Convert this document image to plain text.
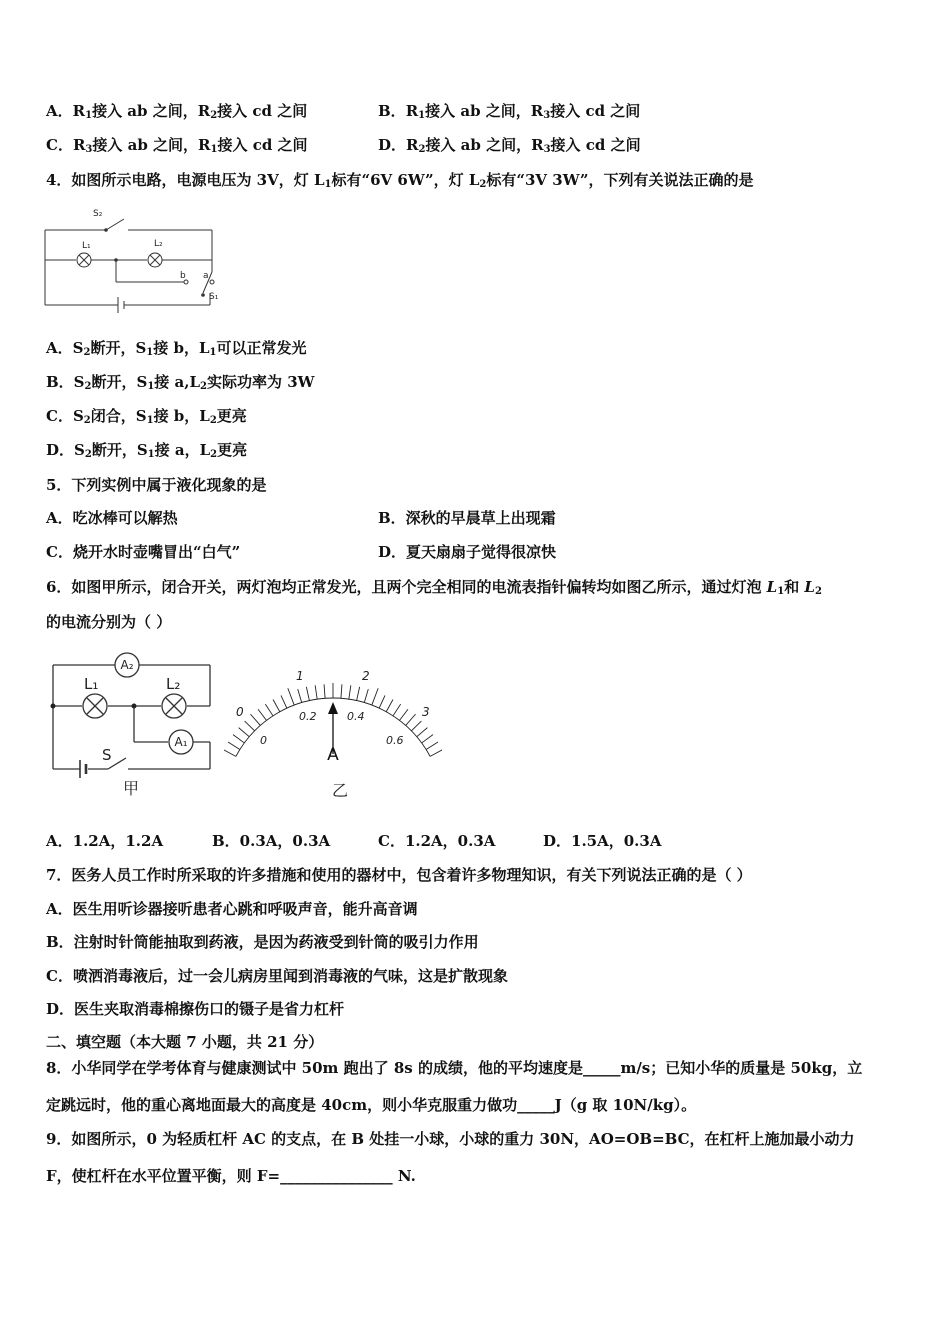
A．$R_1$接入 ab 之间，$R_2$接入 cd 之间	B．$R_1$接入 ab 之间，$R_3$接入 cd 之间
C．$R_3$接入 ab 之间，$R_1$接入 cd 之间	D．$R_2$接入 ab 之间，$R_3$接入 cd 之间
4．如图所示电路，电源电压为 3V，灯 $L_1$标有“6V 6W”，灯 $L_2$标有“3V 3W”，下列有关说法正确的是
S₂
L₁	L₂
b a
S₁
A．$S_2$断开，$S_1$接 b，$L_1$可以正常发光
B．$S_2$断开，$S_1$接 $a,L_2$实际功率为 3W
C．$S_2$闭合，$S_1$接 b，$L_2$更亮
D．$S_2$断开，$S_1$接 a，$L_2$更亮
5．下列实例中属于液化现象的是
A．吃冰棒可以解热	B．深秋的早晨草上出现霜
C．烧开水时壶嘴冒出“白气”	D．夏天扇扇子觉得很凉快
6．如图甲所示，闭合开关，两灯泡均正常发光，且两个完全相同的电流表指针偏转均如图乙所示，通过灯泡 $L_1$和 $L_2$
的电流分别为（ ）
A₂
A₁
L₁	L₂
S
甲
0
1	2
3
0
0.2	0.4
0.6
A
乙
A．1.2A，1.2A	B．0.3A，0.3A	C．1.2A，0.3A	D．1.5A，0.3A
7．医务人员工作时所采取的许多措施和使用的器材中，包含着许多物理知识，有关下列说法正确的是（ ）
A．医生用听诊器接听患者心跳和呼吸声音，能升高音调
B．注射时针筒能抽取到药液，是因为药液受到针筒的吸引力作用
C．喷洒消毒液后，过一会儿病房里闻到消毒液的气味，这是扩散现象
D．医生夹取消毒棉擦伤口的镊子是省力杠杆
二、填空题（本大题 7 小题，共 21 分）
8．小华同学在学考体育与健康测试中 50m 跑出了 8s 的成绩，他的平均速度是_____m/s；已知小华的质量是 50kg，立
定跳远时，他的重心离地面最大的高度是 40cm，则小华克服重力做功_____J（g 取 10N/kg）。
9．如图所示，0 为轻质杠杆 AC 的支点，在 B 处挂一小球，小球的重力 30N，AO=OB=BC，在杠杆上施加最小动力
F，使杠杆在水平位置平衡，则 F=_______________ N.
